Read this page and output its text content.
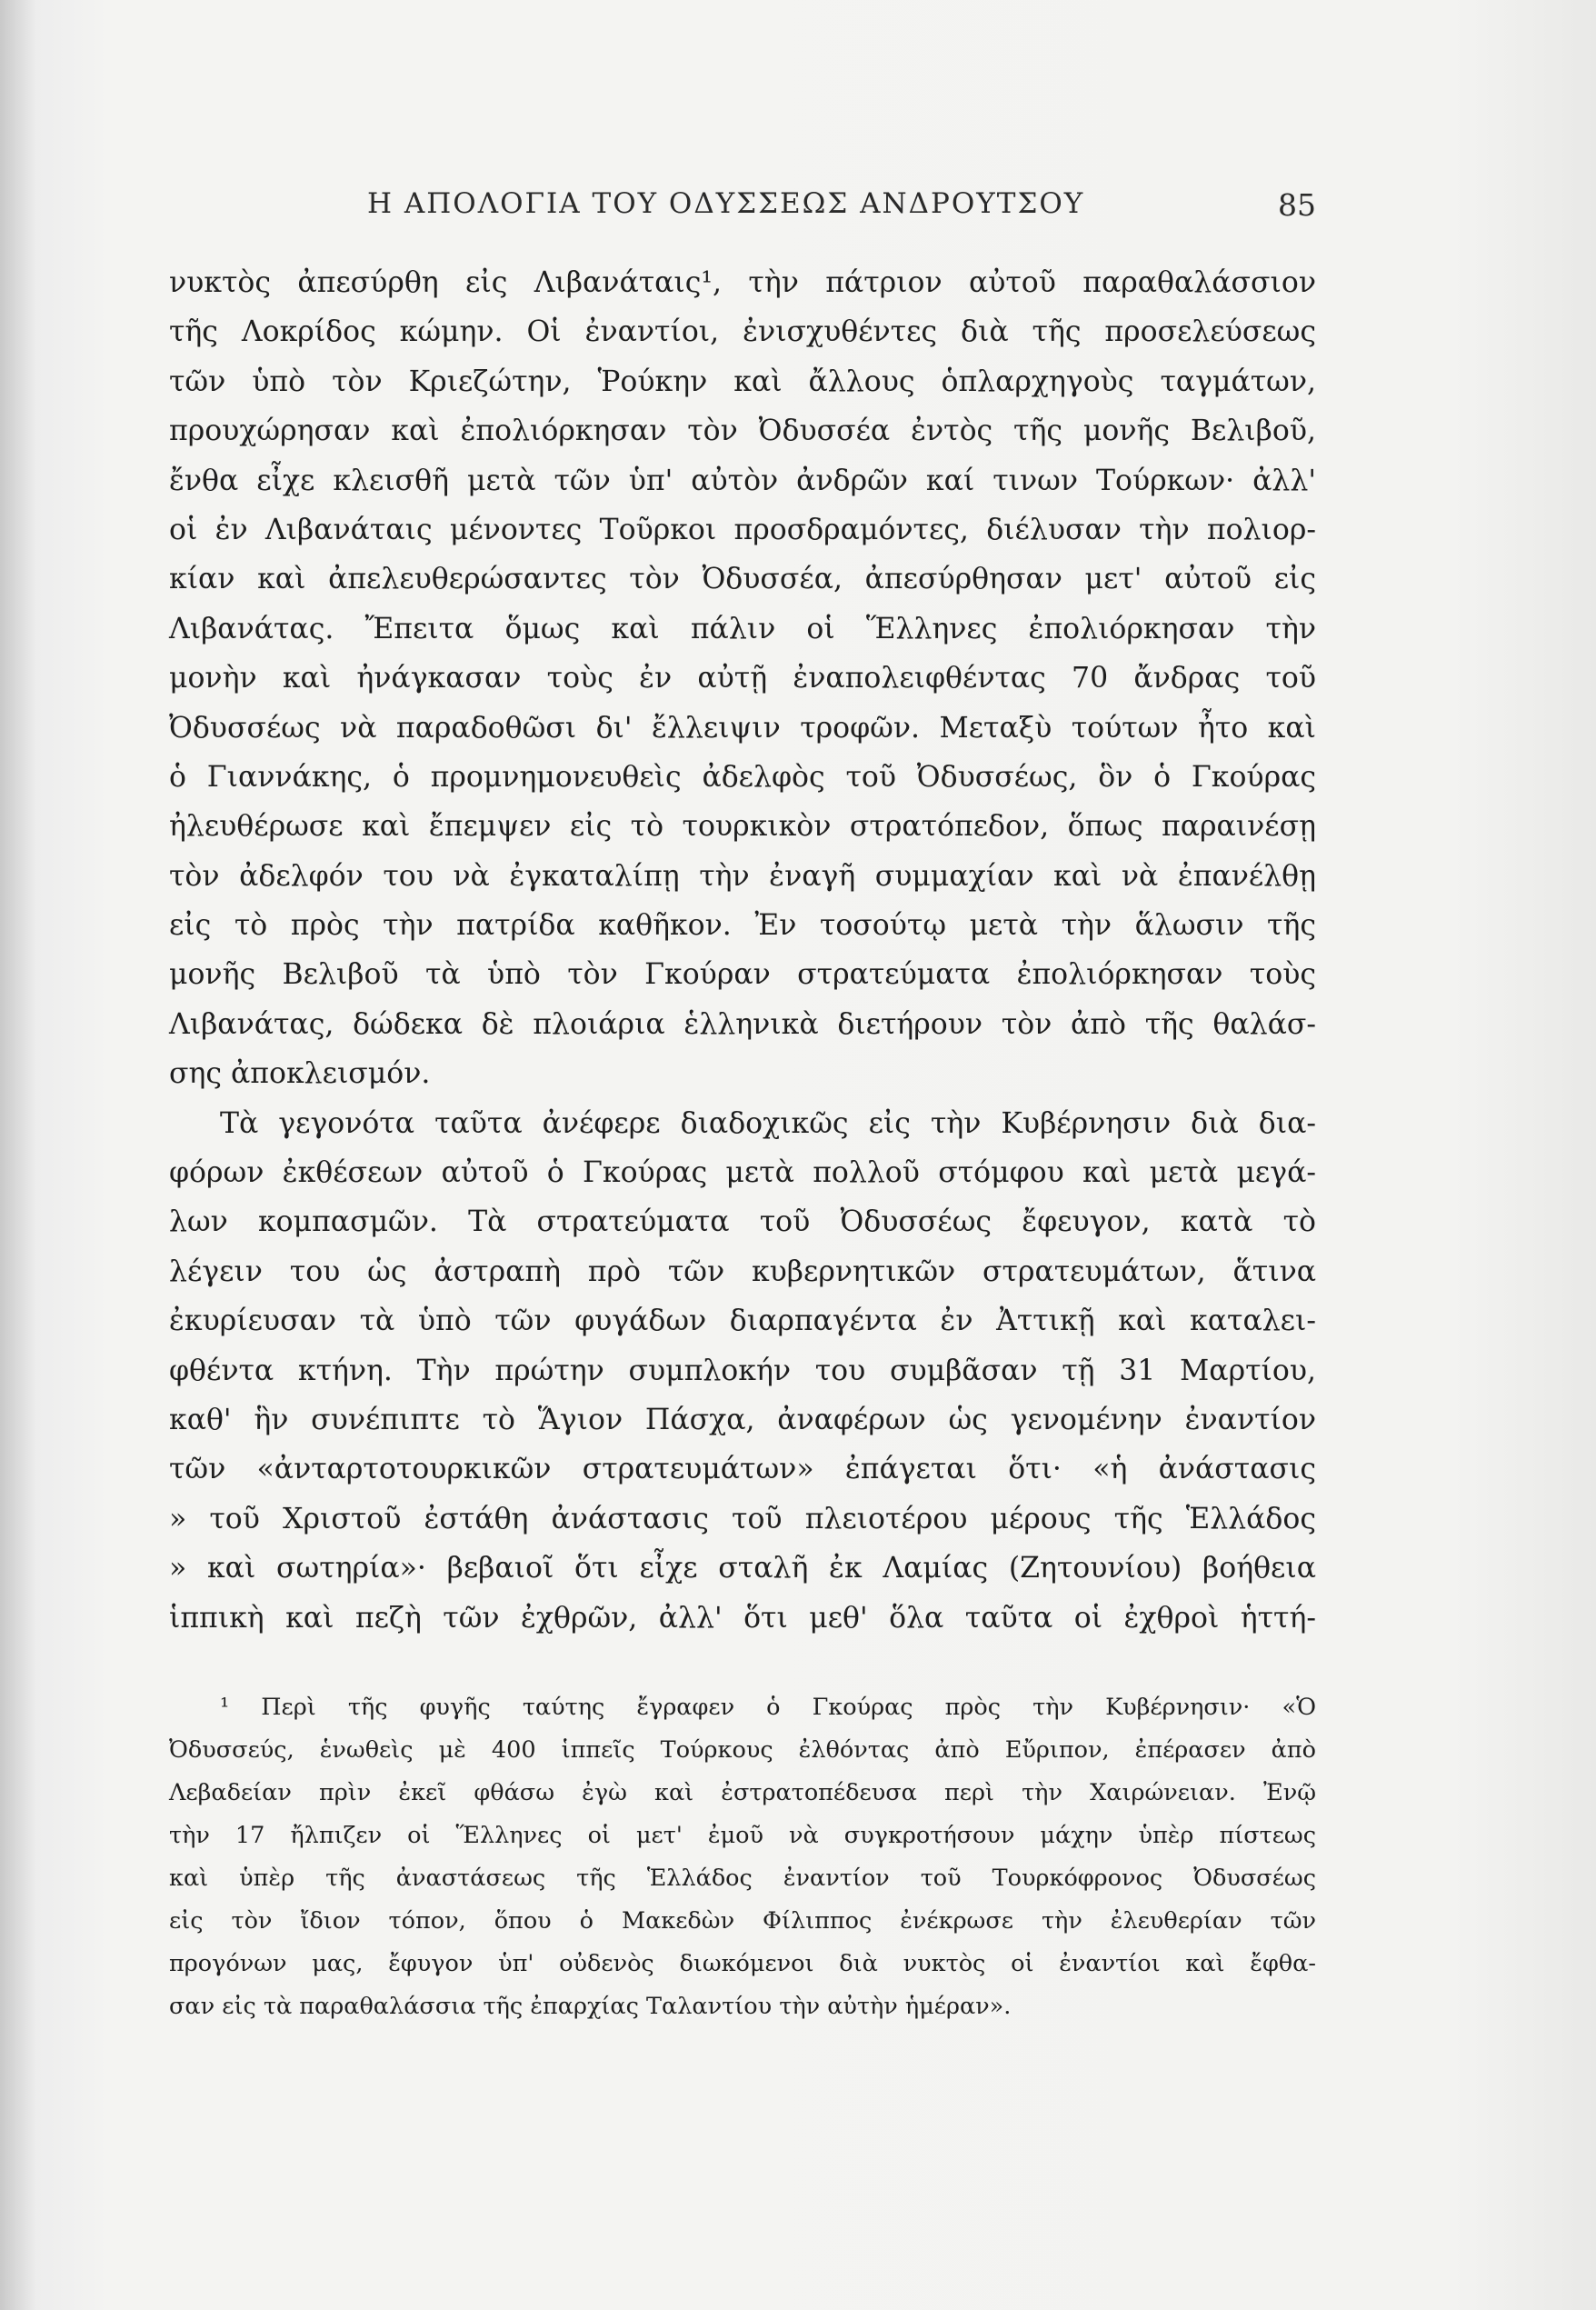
Η ΑΠΟΛΟΓΙΑ ΤΟΥ ΟΔΥΣΣΕΩΣ ΑΝΔΡΟΥΤΣΟΥ	85
νυκτὸς ἀπεσύρθη εἰς Λιβανάταις¹, τὴν πάτριον αὐτοῦ παραθαλάσσιον
τῆς Λοκρίδος κώμην. Οἱ ἐναντίοι, ἐνισχυθέντες διὰ τῆς προσελεύσεως
τῶν ὑπὸ τὸν Κριεζώτην, Ῥούκην καὶ ἄλλους ὁπλαρχηγοὺς ταγμάτων,
προυχώρησαν καὶ ἐπολιόρκησαν τὸν Ὀδυσσέα ἐντὸς τῆς μονῆς Βελιβοῦ,
ἔνθα εἶχε κλεισθῆ μετὰ τῶν ὑπ' αὐτὸν ἀνδρῶν καί τινων Τούρκων· ἀλλ'
οἱ ἐν Λιβανάταις μένοντες Τοῦρκοι προσδραμόντες, διέλυσαν τὴν πολιορ-
κίαν καὶ ἀπελευθερώσαντες τὸν Ὀδυσσέα, ἀπεσύρθησαν μετ' αὐτοῦ εἰς
Λιβανάτας. Ἔπειτα ὅμως καὶ πάλιν οἱ Ἕλληνες ἐπολιόρκησαν τὴν
μονὴν καὶ ἠνάγκασαν τοὺς ἐν αὐτῇ ἐναπολειφθέντας 70 ἄνδρας τοῦ
Ὀδυσσέως νὰ παραδοθῶσι δι' ἔλλειψιν τροφῶν. Μεταξὺ τούτων ἦτο καὶ
ὁ Γιαννάκης, ὁ προμνημονευθεὶς ἀδελφὸς τοῦ Ὀδυσσέως, ὃν ὁ Γκούρας
ἠλευθέρωσε καὶ ἔπεμψεν εἰς τὸ τουρκικὸν στρατόπεδον, ὅπως παραινέσῃ
τὸν ἀδελφόν του νὰ ἐγκαταλίπῃ τὴν ἐναγῆ συμμαχίαν καὶ νὰ ἐπανέλθῃ
εἰς τὸ πρὸς τὴν πατρίδα καθῆκον. Ἐν τοσούτῳ μετὰ τὴν ἅλωσιν τῆς
μονῆς Βελιβοῦ τὰ ὑπὸ τὸν Γκούραν στρατεύματα ἐπολιόρκησαν τοὺς
Λιβανάτας, δώδεκα δὲ πλοιάρια ἑλληνικὰ διετήρουν τὸν ἀπὸ τῆς θαλάσ-
σης ἀποκλεισμόν.
Τὰ γεγονότα ταῦτα ἀνέφερε διαδοχικῶς εἰς τὴν Κυβέρνησιν διὰ δια-
φόρων ἐκθέσεων αὐτοῦ ὁ Γκούρας μετὰ πολλοῦ στόμφου καὶ μετὰ μεγά-
λων κομπασμῶν. Τὰ στρατεύματα τοῦ Ὀδυσσέως ἔφευγον, κατὰ τὸ
λέγειν του ὡς ἀστραπὴ πρὸ τῶν κυβερνητικῶν στρατευμάτων, ἅτινα
ἐκυρίευσαν τὰ ὑπὸ τῶν φυγάδων διαρπαγέντα ἐν Ἀττικῇ καὶ καταλει-
φθέντα κτήνη. Τὴν πρώτην συμπλοκήν του συμβᾶσαν τῇ 31 Μαρτίου,
καθ' ἣν συνέπιπτε τὸ Ἅγιον Πάσχα, ἀναφέρων ὡς γενομένην ἐναντίον
τῶν «ἀνταρτοτουρκικῶν στρατευμάτων» ἐπάγεται ὅτι· «ἡ ἀνάστασις
» τοῦ Χριστοῦ ἐστάθη ἀνάστασις τοῦ πλειοτέρου μέρους τῆς Ἑλλάδος
» καὶ σωτηρία»· βεβαιοῖ ὅτι εἶχε σταλῆ ἐκ Λαμίας (Ζητουνίου) βοήθεια
ἱππικὴ καὶ πεζὴ τῶν ἐχθρῶν, ἀλλ' ὅτι μεθ' ὅλα ταῦτα οἱ ἐχθροὶ ἡττή-
¹ Περὶ τῆς φυγῆς ταύτης ἔγραφεν ὁ Γκούρας πρὸς τὴν Κυβέρνησιν· «Ὁ
Ὀδυσσεύς, ἑνωθεὶς μὲ 400 ἱππεῖς Τούρκους ἐλθόντας ἀπὸ Εὔριπον, ἐπέρασεν ἀπὸ
Λεβαδείαν πρὶν ἐκεῖ φθάσω ἐγὼ καὶ ἐστρατοπέδευσα περὶ τὴν Χαιρώνειαν. Ἐνῷ
τὴν 17 ἤλπιζεν οἱ Ἕλληνες οἱ μετ' ἐμοῦ νὰ συγκροτήσουν μάχην ὑπὲρ πίστεως
καὶ ὑπὲρ τῆς ἀναστάσεως τῆς Ἑλλάδος ἐναντίον τοῦ Τουρκόφρονος Ὀδυσσέως
εἰς τὸν ἴδιον τόπον, ὅπου ὁ Μακεδὼν Φίλιππος ἐνέκρωσε τὴν ἐλευθερίαν τῶν
προγόνων μας, ἔφυγον ὑπ' οὐδενὸς διωκόμενοι διὰ νυκτὸς οἱ ἐναντίοι καὶ ἔφθα-
σαν εἰς τὰ παραθαλάσσια τῆς ἐπαρχίας Ταλαντίου τὴν αὐτὴν ἡμέραν».
